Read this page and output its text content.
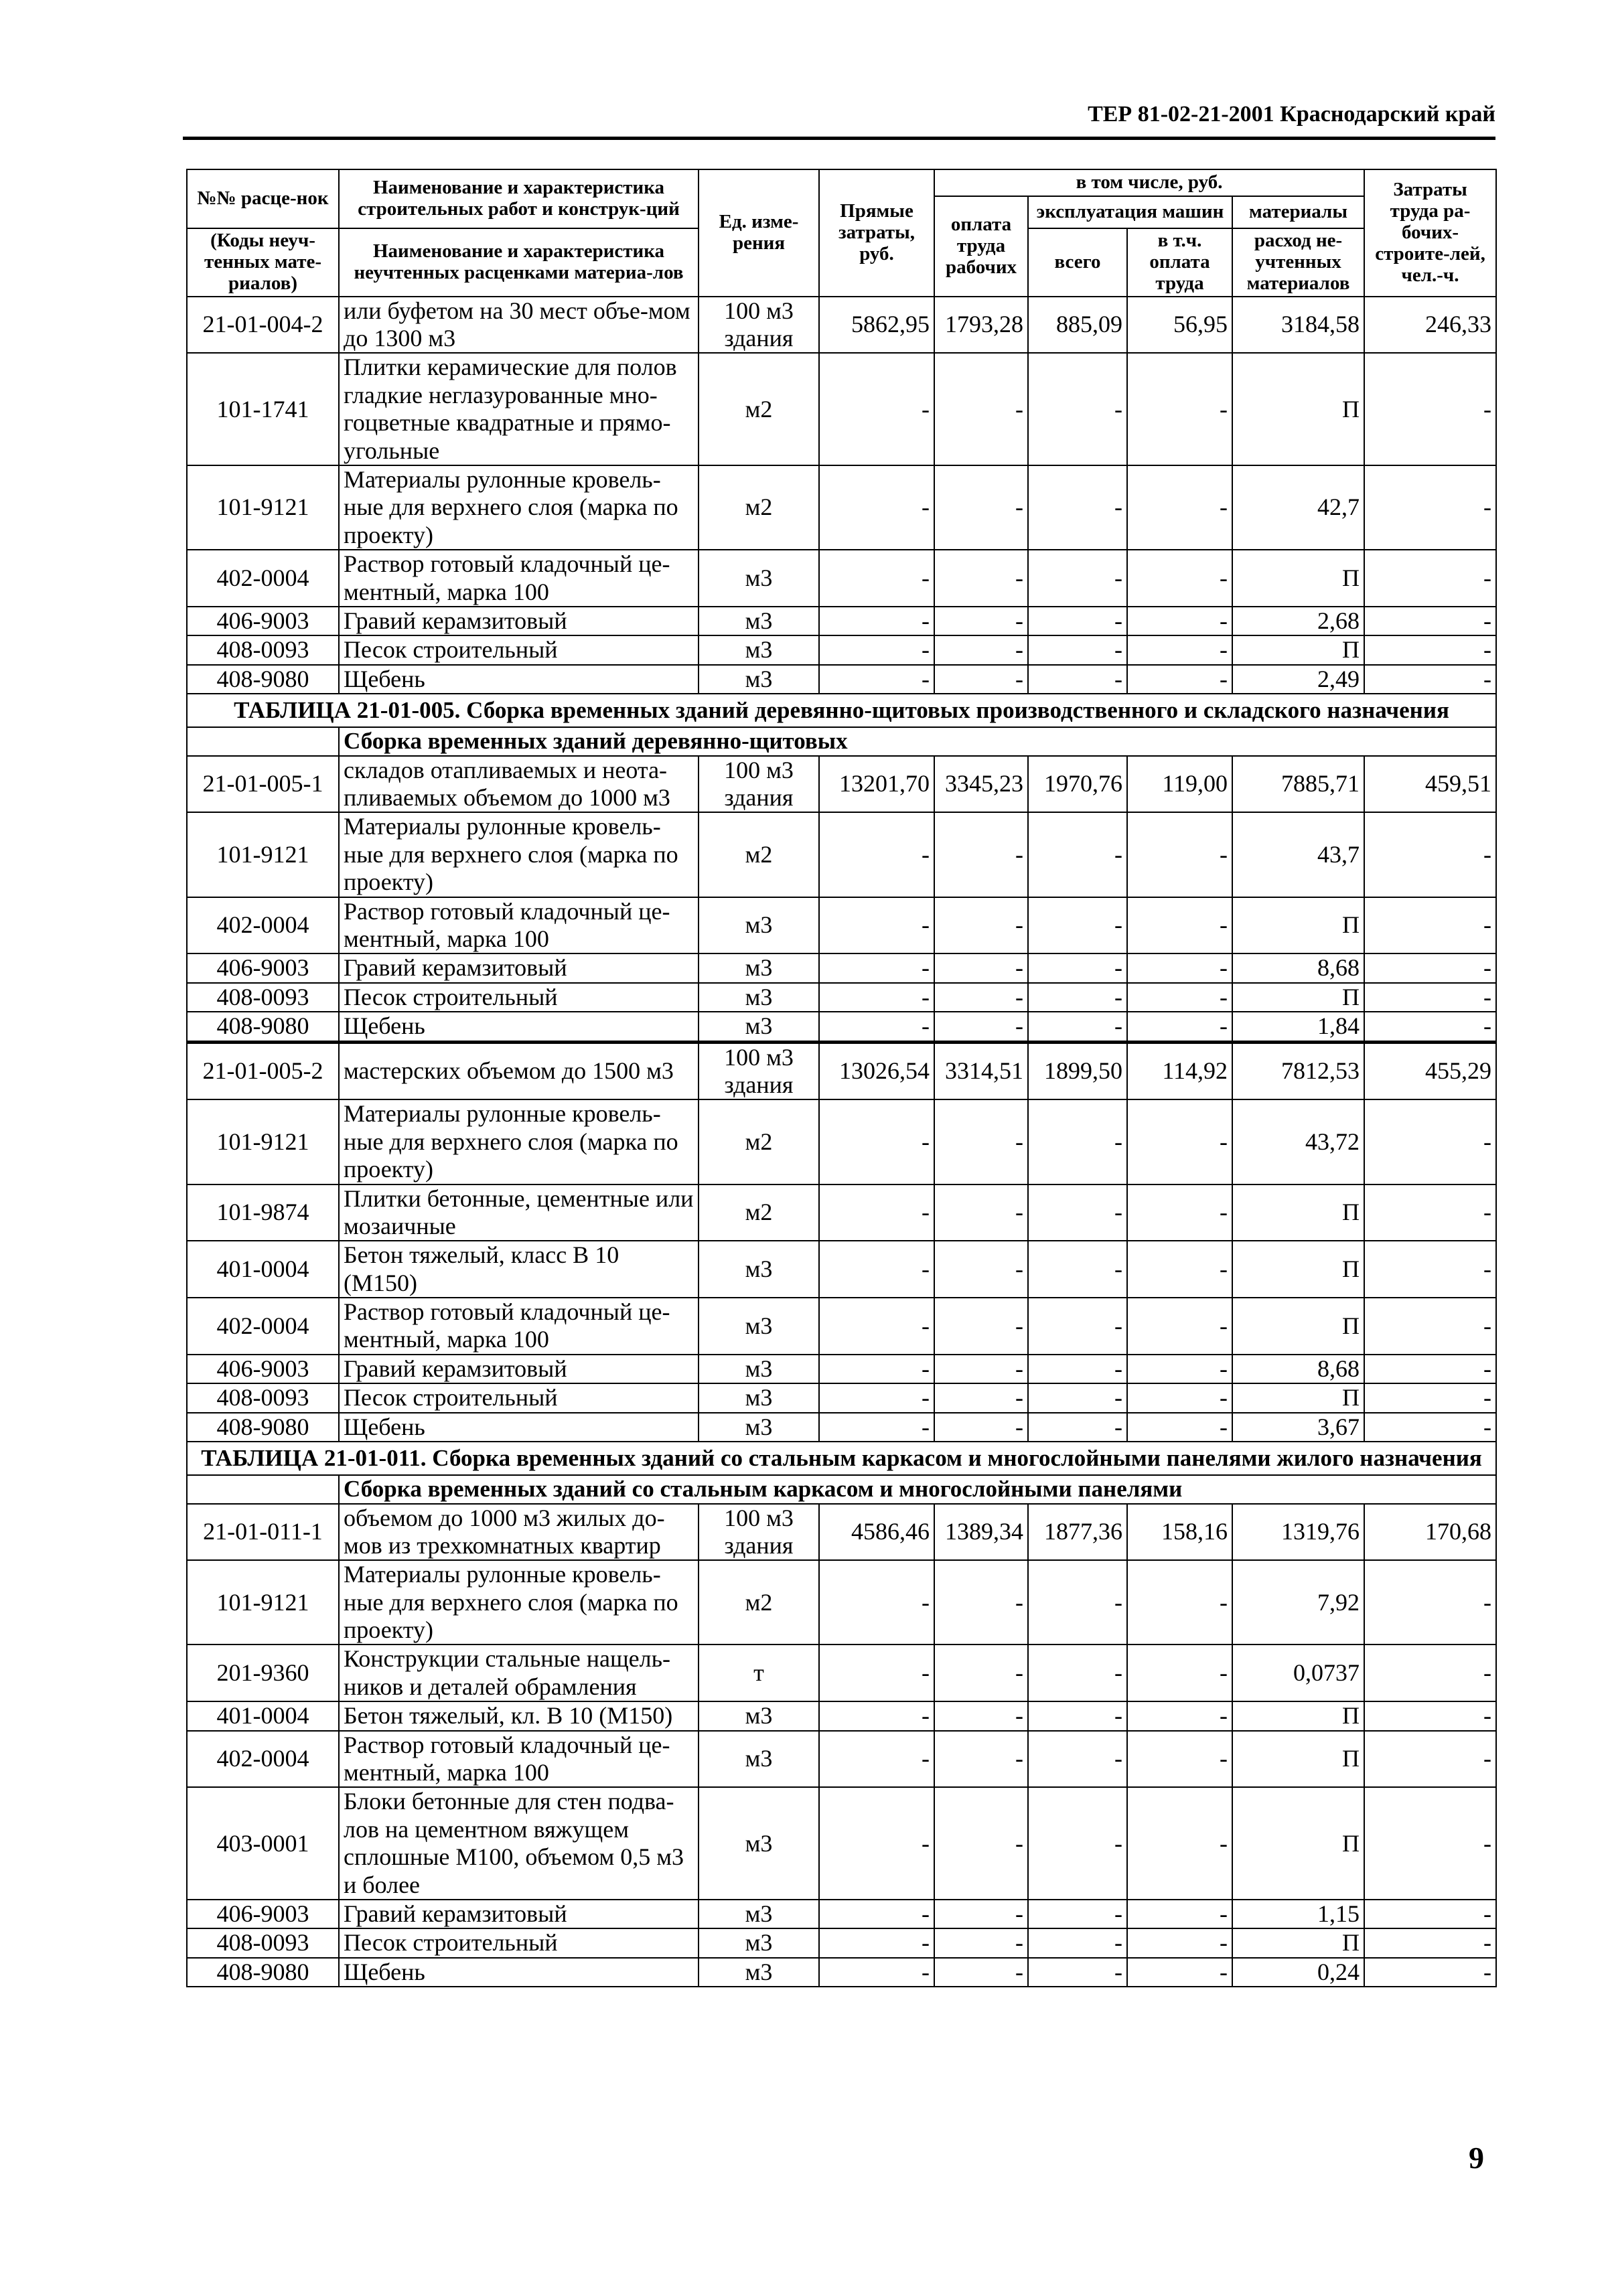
ТЕР 81-02-21-2001 Краснодарский край
№№ расце-нок	Наименование и характеристика строительных работ и конструк-ций	Ед. изме-рения	Прямые затраты, руб.	в том числе, руб.				Затраты труда ра-бочих-строите-лей, чел.-ч.
				оплата труда рабочих	эксплуатация машин		материалы	
(Коды неуч-тенных мате-риалов)	Наименование и характеристика неучтенных расценками материа-лов				всего	в т.ч. оплата труда	расход не-учтенных материалов	

21-01-004-2	или буфетом на 30 мест объе-мом до 1300 м3	100 м3 здания	5862,95	1793,28	885,09	56,95	3184,58	246,33
101-1741	Плитки керамические для полов гладкие неглазурованные мно-гоцветные квадратные и прямо-угольные	м2	-	-	-	-	П	-
101-9121	Материалы рулонные кровель-ные для верхнего слоя (марка по проекту)	м2	-	-	-	-	42,7	-
402-0004	Раствор готовый кладочный це-ментный, марка 100	м3	-	-	-	-	П	-
406-9003	Гравий керамзитовый	м3	-	-	-	-	2,68	-
408-0093	Песок строительный	м3	-	-	-	-	П	-
408-9080	Щебень	м3	-	-	-	-	2,49	-
ТАБЛИЦА 21-01-005. Сборка временных зданий деревянно-щитовых производственного и складского назначения								
	Сборка временных зданий деревянно-щитовых							
21-01-005-1	складов отапливаемых и неота-пливаемых объемом до 1000 м3	100 м3 здания	13201,70	3345,23	1970,76	119,00	7885,71	459,51
101-9121	Материалы рулонные кровель-ные для верхнего слоя (марка по проекту)	м2	-	-	-	-	43,7	-
402-0004	Раствор готовый кладочный це-ментный, марка 100	м3	-	-	-	-	П	-
406-9003	Гравий керамзитовый	м3	-	-	-	-	8,68	-
408-0093	Песок строительный	м3	-	-	-	-	П	-
408-9080	Щебень	м3	-	-	-	-	1,84	-
21-01-005-2	мастерских объемом до 1500 м3	100 м3 здания	13026,54	3314,51	1899,50	114,92	7812,53	455,29
101-9121	Материалы рулонные кровель-ные для верхнего слоя (марка по проекту)	м2	-	-	-	-	43,72	-
101-9874	Плитки бетонные, цементные или мозаичные	м2	-	-	-	-	П	-
401-0004	Бетон тяжелый, класс В 10 (М150)	м3	-	-	-	-	П	-
402-0004	Раствор готовый кладочный це-ментный, марка 100	м3	-	-	-	-	П	-
406-9003	Гравий керамзитовый	м3	-	-	-	-	8,68	-
408-0093	Песок строительный	м3	-	-	-	-	П	-
408-9080	Щебень	м3	-	-	-	-	3,67	-
ТАБЛИЦА 21-01-011. Сборка временных зданий со стальным каркасом и многослойными панелями жилого назначения								
	Сборка временных зданий со стальным каркасом и многослойными панелями							
21-01-011-1	объемом до 1000 м3 жилых до-мов из трехкомнатных квартир	100 м3 здания	4586,46	1389,34	1877,36	158,16	1319,76	170,68
101-9121	Материалы рулонные кровель-ные для верхнего слоя (марка по проекту)	м2	-	-	-	-	7,92	-
201-9360	Конструкции стальные нащель-ников и деталей обрамления	т	-	-	-	-	0,0737	-
401-0004	Бетон тяжелый, кл. В 10 (М150)	м3	-	-	-	-	П	-
402-0004	Раствор готовый кладочный це-ментный, марка 100	м3	-	-	-	-	П	-
403-0001	Блоки бетонные для стен подва-лов на цементном вяжущем сплошные М100, объемом 0,5 м3 и более	м3	-	-	-	-	П	-
406-9003	Гравий керамзитовый	м3	-	-	-	-	1,15	-
408-0093	Песок строительный	м3	-	-	-	-	П	-
408-9080	Щебень	м3	-	-	-	-	0,24	-
9
